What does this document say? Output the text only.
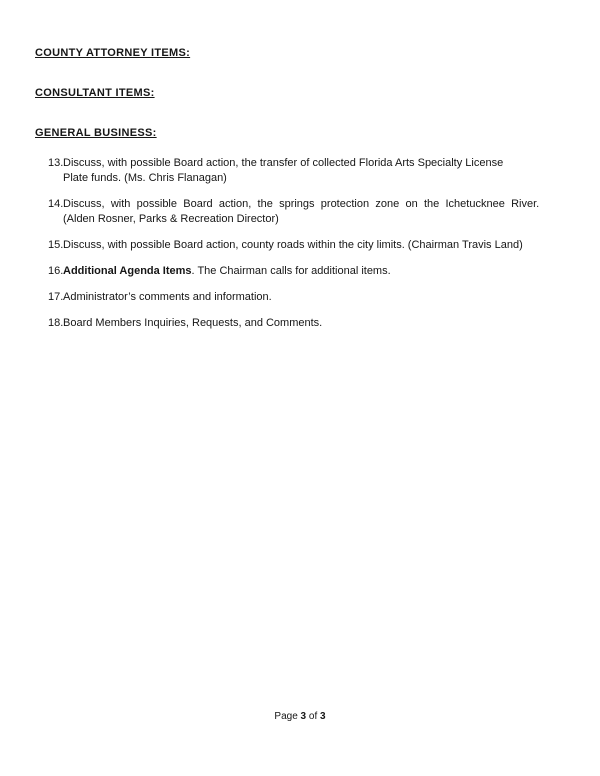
COUNTY ATTORNEY ITEMS:

CONSULTANT ITEMS:

GENERAL BUSINESS:

13. Discuss, with possible Board action, the transfer of collected Florida Arts Specialty License
Plate funds. (Ms. Chris Flanagan)
14. Discuss, with possible Board action, the springs protection zone on the Ichetucknee River.
(Alden Rosner, Parks & Recreation Director)
15. Discuss, with possible Board action, county roads within the city limits. (Chairman Travis Land)
16. Additional Agenda Items. The Chairman calls for additional items.
17. Administrator’s comments and information.
18. Board Members Inquiries, Requests, and Comments.
Page 3 of 3
